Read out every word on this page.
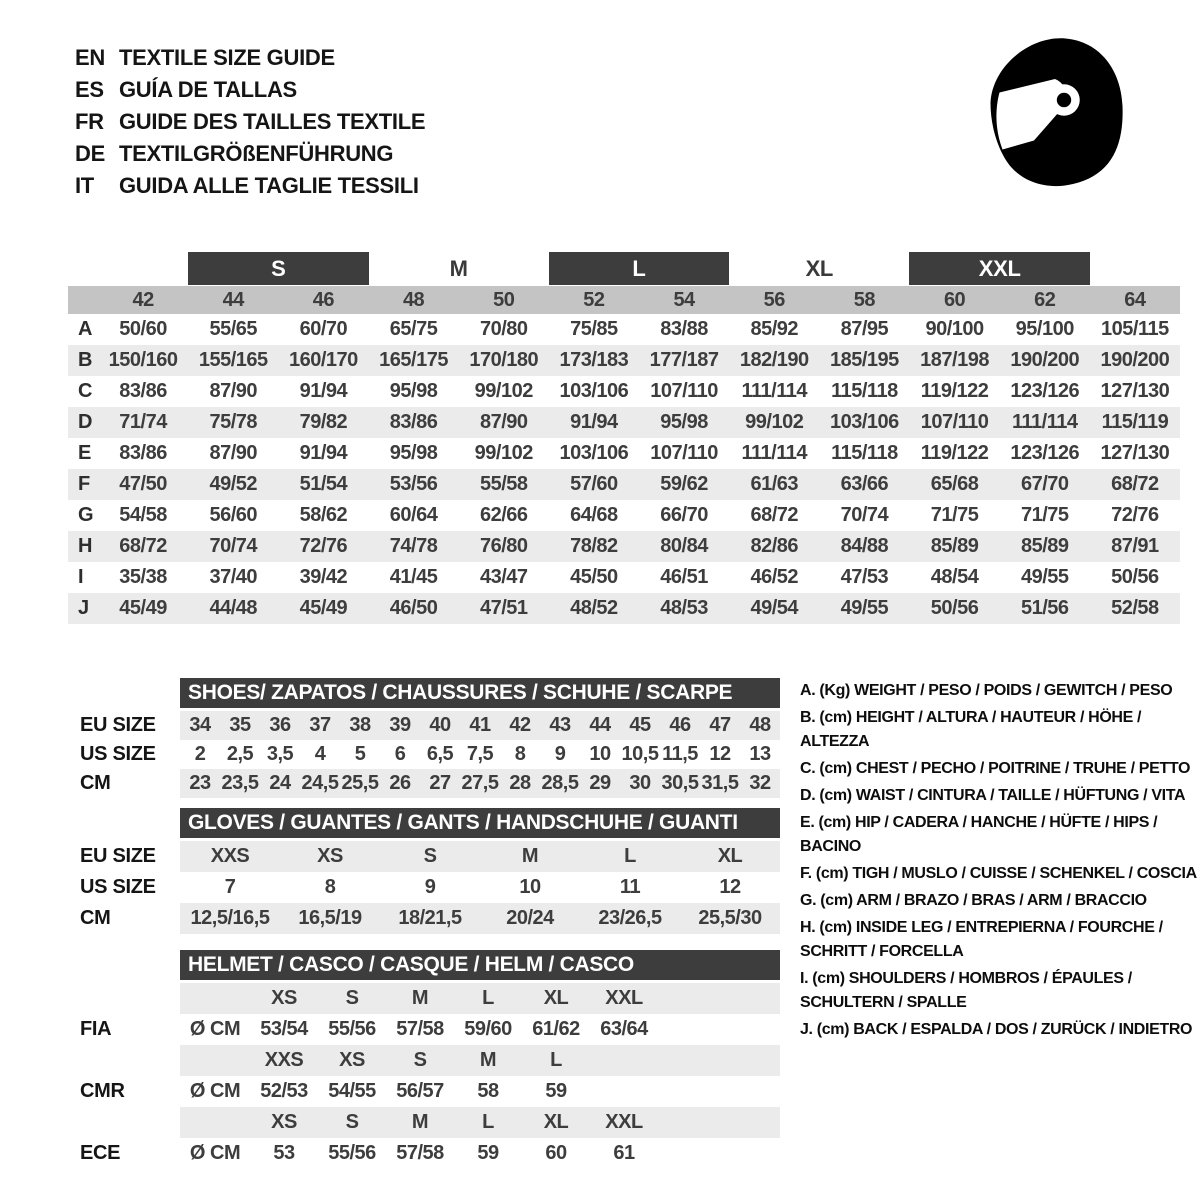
EN TEXTILE SIZE GUIDE
ES GUÍA DE TALLAS
FR GUIDE DES TAILLES TEXTILE
DE TEXTILGRÖßENFÜHRUNG
IT	GUIDA ALLE TAGLIE TESSILI
S	M	L	XL	XXL
42	44	46	48	50	52	54	56	58	60	62	64
A	50/60	55/65	60/70	65/75	70/80	75/85	83/88	85/92	87/95	90/100	95/100	105/115
B 150/160	155/165	160/170	165/175	170/180	173/183	177/187	182/190	185/195	187/198	190/200	190/200
C	83/86	87/90	91/94	95/98	99/102	103/106	107/110	111/114	115/118	119/122	123/126	127/130
D	71/74	75/78	79/82	83/86	87/90	91/94	95/98	99/102	103/106	107/110	111/114	115/119
E	83/86	87/90	91/94	95/98	99/102	103/106	107/110	111/114	115/118	119/122	123/126	127/130
F	47/50	49/52	51/54	53/56	55/58	57/60	59/62	61/63	63/66	65/68	67/70	68/72
G	54/58	56/60	58/62	60/64	62/66	64/68	66/70	68/72	70/74	71/75	71/75	72/76
H	68/72	70/74	72/76	74/78	76/80	78/82	80/84	82/86	84/88	85/89	85/89	87/91
I	35/38	37/40	39/42	41/45	43/47	45/50	46/51	46/52	47/53	48/54	49/55	50/56
J	45/49	44/48	45/49	46/50	47/51	48/52	48/53	49/54	49/55	50/56	51/56	52/58
SHOES/ ZAPATOS / CHAUSSURES / SCHUHE / SCARPE
EU SIZE	34 35 36 37 38 39 40 41 42 43 44 45 46 47 48
US SIZE	2	2,5 3,5	4	5	6	6,5 7,5	8	9	10 10,5 11,5 12 13
CM	23 23,5 24 24,5 25,5 26 27 27,5 28 28,5 29 30 30,5 31,5 32
GLOVES / GUANTES / GANTS / HANDSCHUHE / GUANTI
EU SIZE	XXS	XS	S	M	L	XL
US SIZE	7	8	9	10	11	12
CM	12,5/16,5	16,5/19	18/21,5	20/24	23/26,5	25,5/30
HELMET / CASCO / CASQUE / HELM / CASCO
XS	S	M	L	XL	XXL
FIA	Ø CM	53/54	55/56	57/58	59/60	61/62	63/64
XXS	XS	S	M	L
CMR	Ø CM	52/53	54/55	56/57	58	59
XS	S	M	L	XL	XXL
ECE	Ø CM	53	55/56	57/58	59	60	61
A. (Kg) WEIGHT / PESO / POIDS / GEWITCH / PESO
B. (cm) HEIGHT / ALTURA / HAUTEUR / HÖHE / ALTEZZA
C. (cm) CHEST / PECHO / POITRINE / TRUHE / PETTO
D. (cm) WAIST / CINTURA / TAILLE / HÜFTUNG / VITA
E. (cm) HIP / CADERA / HANCHE / HÜFTE / HIPS / BACINO
F. (cm) TIGH / MUSLO / CUISSE / SCHENKEL / COSCIA
G. (cm) ARM / BRAZO / BRAS / ARM / BRACCIO
H. (cm) INSIDE LEG / ENTREPIERNA / FOURCHE / SCHRITT / FORCELLA
I. (cm) SHOULDERS / HOMBROS / ÉPAULES / SCHULTERN / SPALLE
J. (cm) BACK / ESPALDA / DOS / ZURÜCK / INDIETRO
